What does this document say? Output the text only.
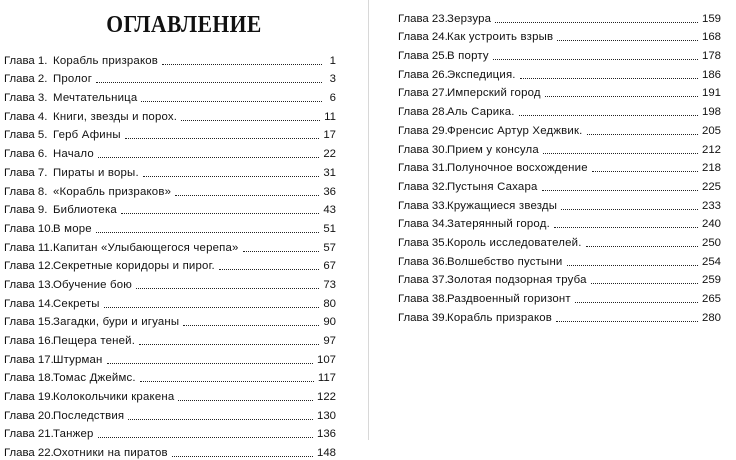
ОГЛАВЛЕНИЕ
Глава 1. Корабль призраков	1
Глава 2. Пролог	3
Глава 3. Мечтательница	6
Глава 4. Книги, звезды и порох.	11
Глава 5. Герб Афины	17
Глава 6. Начало	22
Глава 7. Пираты и воры.	31
Глава 8. «Корабль призраков»	36
Глава 9. Библиотека	43
Глава 10. В море	51
Глава 11. Капитан «Улыбающегося черепа»	57
Глава 12. Секретные коридоры и пирог.	67
Глава 13. Обучение бою	73
Глава 14. Секреты	80
Глава 15. Загадки, бури и игуаны	90
Глава 16. Пещера теней.	97
Глава 17. Штурман	107
Глава 18. Томас Джеймс.	117
Глава 19. Колокольчики кракена	122
Глава 20. Последствия	130
Глава 21. Танжер	136
Глава 22. Охотники на пиратов	148
Глава 23. Зерзура	159
Глава 24. Как устроить взрыв	168
Глава 25. В порту	178
Глава 26. Экспедиция.	186
Глава 27. Имперский город	191
Глава 28. Аль Сарика.	198
Глава 29. Френсис Артур Хеджвик.	205
Глава 30. Прием у консула	212
Глава 31. Полуночное восхождение	218
Глава 32. Пустыня Сахара	225
Глава 33. Кружащиеся звезды	233
Глава 34. Затерянный город.	240
Глава 35. Король исследователей.	250
Глава 36. Волшебство пустыни	254
Глава 37. Золотая подзорная труба	259
Глава 38. Раздвоенный горизонт	265
Глава 39. Корабль призраков	280
